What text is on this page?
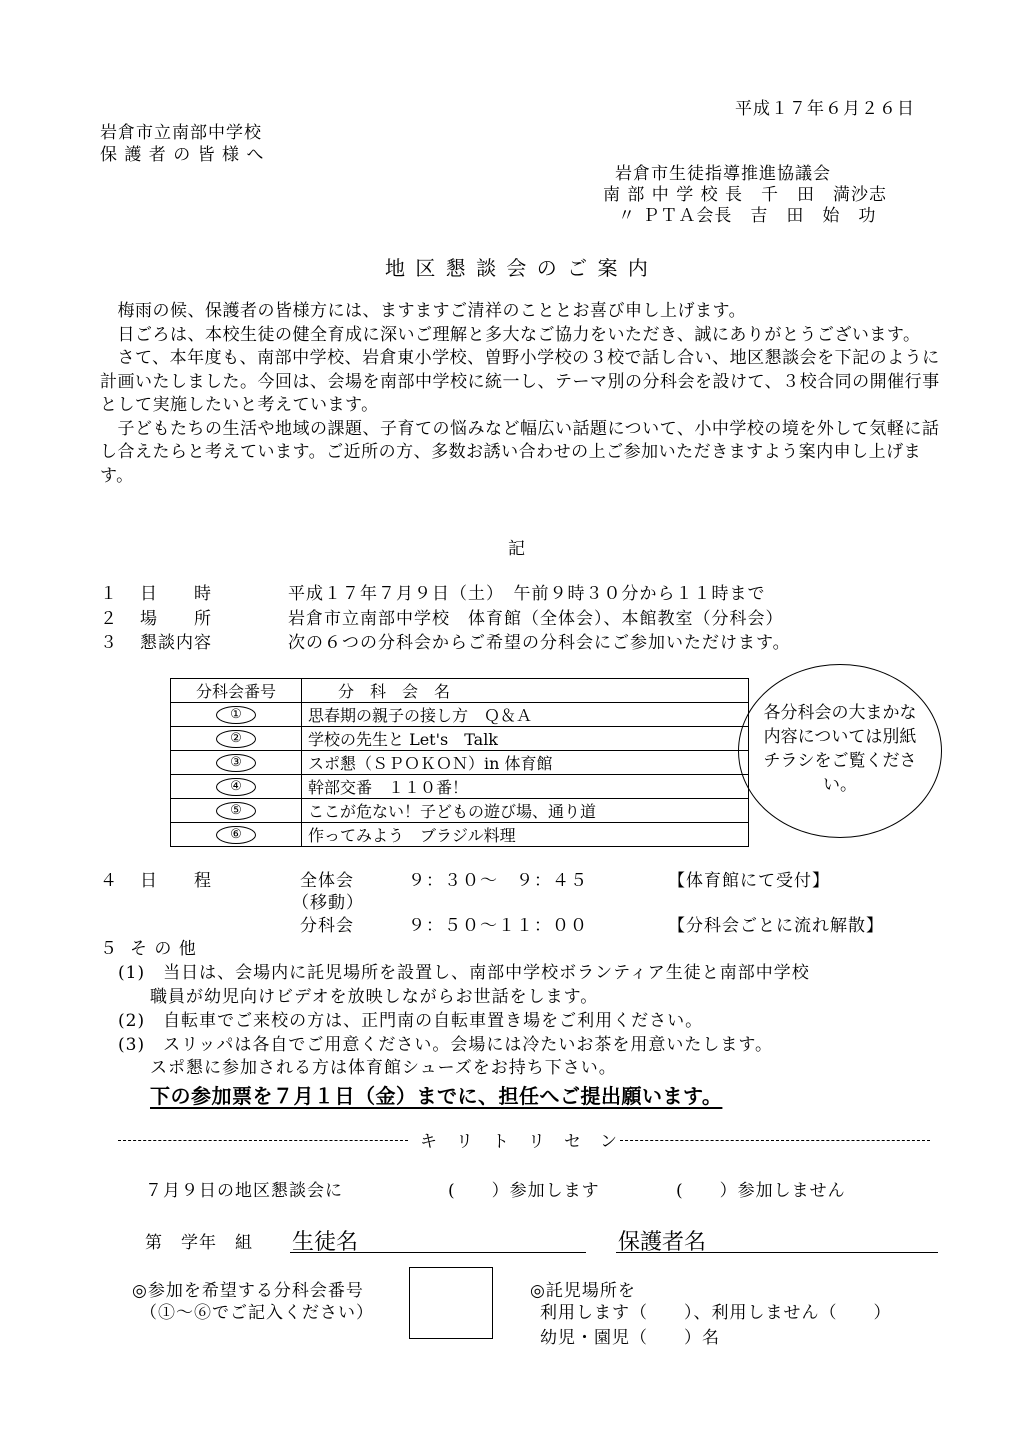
平成１７年６月２６日
岩倉市立南部中学校
保 護 者 の 皆 様 へ
岩倉市生徒指導推進協議会
南 部 中 学 校 長　千　田　満沙志
〃 ＰＴＡ会長　吉　田　始　功
地 区 懇 談 会 の ご 案 内

　梅雨の候、保護者の皆様方には、ますますご清祥のこととお喜び申し上げます。

　日ごろは、本校生徒の健全育成に深いご理解と多大なご協力をいただき、誠にありがとうございます。

　さて、本年度も、南部中学校、岩倉東小学校、曽野小学校の３校で話し合い、地区懇談会を下記のように計画いたしました。今回は、会場を南部中学校に統一し、テーマ別の分科会を設けて、３校合同の開催行事として実施したいと考えています。

　子どもたちの生活や地域の課題、子育ての悩みなど幅広い話題について、小中学校の境を外して気軽に話し合えたらと考えています。ご近所の方、多数お誘い合わせの上ご参加いただきますよう案内申し上げます。

記
１ 日　　時	平成１７年７月９日（土）　午前９時３０分から１１時まで
２ 場　　所	岩倉市立南部中学校　体育館（全体会）、本館教室（分科会）
３ 懇談内容	次の６つの分科会からご希望の分科会にご参加いただけます。
分科会番号	分　科　会　名
①	思春期の親子の接し方　Ｑ＆Ａ
②	学校の先生と Let's　Talk
③	スポ懇（ＳＰＯＫＯＮ）in 体育館
④	幹部交番　１１０番！
⑤	ここが危ない！子どもの遊び場、通り道
⑥	作ってみよう　ブラジル料理
各分科会の大まかな内容については別紙チラシをご覧ください。
４ 日　　程	全体会	９：３０～　９：４５	【体育館にて受付】
（移動）
分科会	９：５０～１１：００	【分科会ごとに流れ解散】
５ そ の 他
(1)　当日は、会場内に託児場所を設置し、南部中学校ボランティア生徒と南部中学校
職員が幼児向けビデオを放映しながらお世話をします。
(2)　自転車でご来校の方は、正門南の自転車置き場をご利用ください。
(3)　スリッパは各自でご用意ください。会場には冷たいお茶を用意いたします。
スポ懇に参加される方は体育館シューズをお持ち下さい。
下の参加票を７月１日（金）までに、担任へご提出願います。
キ　リ　ト　リ　セ　ン
７月９日の地区懇談会に	(　　）参加します	(　　）参加しません
第　学年　組 生徒名	保護者名
◎参加を希望する分科会番号
（①～⑥でご記入ください）
◎託児場所を
利用します（　　）、利用しません（　　）
幼児・園児（　　）名
